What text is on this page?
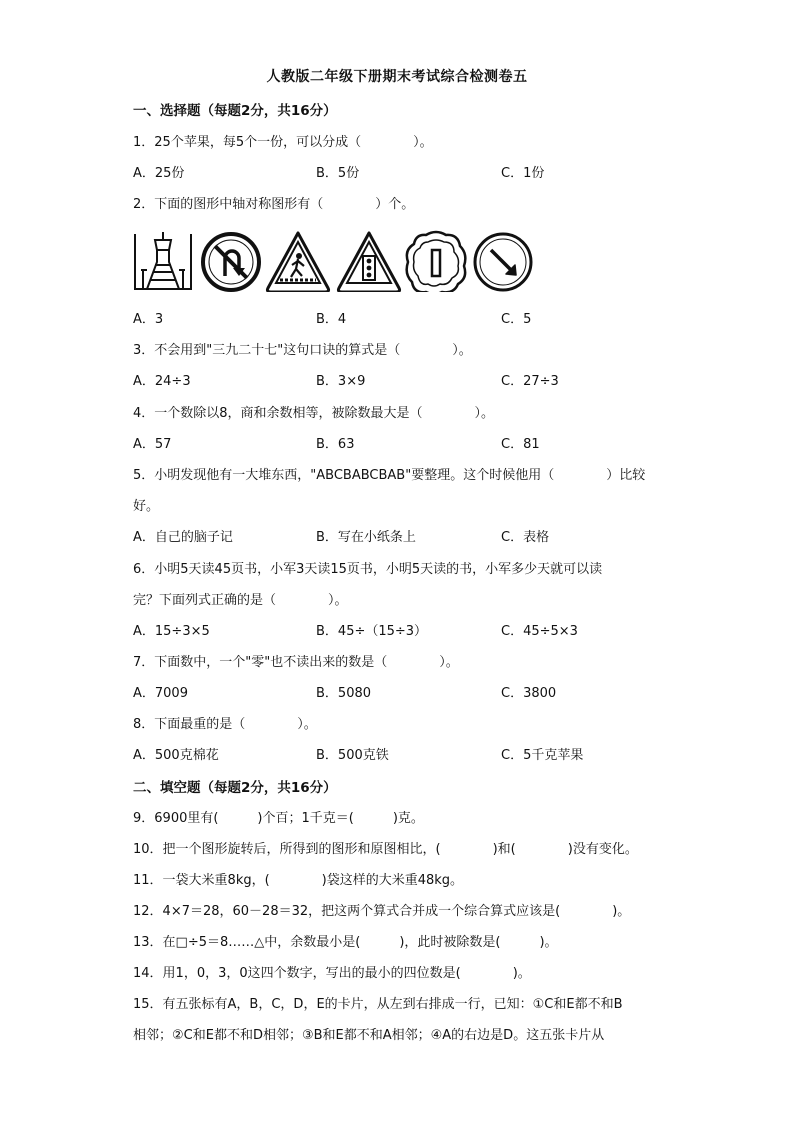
人教版二年级下册期末考试综合检测卷五
一、选择题（每题2分，共16分）
1．25个苹果，每5个一份，可以分成（　　　　）。
A．25份	B．5份	C．1份
2．下面的图形中轴对称图形有（　　　　）个。
A．3	B．4	C．5
3．不会用到"三九二十七"这句口诀的算式是（　　　　）。
A．24÷3	B．3×9	C．27÷3
4．一个数除以8，商和余数相等，被除数最大是（　　　　）。
A．57	B．63	C．81
5．小明发现他有一大堆东西，"ABCBABCBAB"要整理。这个时候他用（　　　　）比较
好。
A．自己的脑子记	B．写在小纸条上	C．表格
6．小明5天读45页书，小军3天读15页书，小明5天读的书，小军多少天就可以读
完？下面列式正确的是（　　　　）。
A．15÷3×5	B．45÷（15÷3）	C．45÷5×3
7．下面数中，一个"零"也不读出来的数是（　　　　）。
A．7009	B．5080	C．3800
8．下面最重的是（　　　　）。
A．500克棉花	B．500克铁	C．5千克苹果
二、填空题（每题2分，共16分）
9．6900里有(　　　)个百；1千克＝(　　　)克。
10．把一个图形旋转后，所得到的图形和原图相比，(　　　　)和(　　　　)没有变化。
11．一袋大米重8kg，(　　　　)袋这样的大米重48kg。
12．4×7＝28，60－28＝32，把这两个算式合并成一个综合算式应该是(　　　　)。
13．在□÷5＝8……△中，余数最小是(　　　)，此时被除数是(　　　)。
14．用1，0，3，0这四个数字，写出的最小的四位数是(　　　　)。
15．有五张标有A，B，C，D，E的卡片，从左到右排成一行，已知：①C和E都不和B
相邻；②C和E都不和D相邻；③B和E都不和A相邻；④A的右边是D。这五张卡片从
